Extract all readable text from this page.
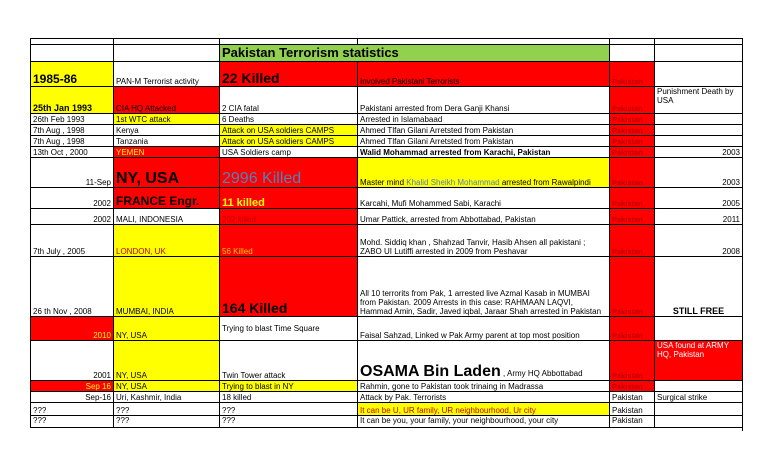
		Pakistan Terrorism statistics			
1985-86	PAN-M Terrorist activity	22 Killed	Involved Pakistani Terrorists	Pakistan	
25th Jan 1993	CIA HQ Attacked	2 CIA fatal	Pakistani arrested from Dera Ganji Khansi	Pakistan	Punishment Death by USA
26th Feb 1993	1st WTC attack	6 Deaths	Arrested in Islamabaad	Pakistan	
7th Aug , 1998	Kenya	Attack on USA soldiers CAMPS	Ahmed Tlfan Gilani Arretsted from Pakistan	Pakistan	
7th Aug , 1998	Tanzania	Attack on USA soldiers CAMPS	Ahmed Tlfan Gilani Arretsted from Pakistan	Pakistan	
13th Oct , 2000	YEMEN	USA Soldiers camp	Walid Mohammad arrested from Karachi, Pakistan	Pakistan	2003
11-Sep	NY, USA	2996 Killed	Master mind Khalid Sheikh Mohammad arrested from Rawalpindi	Pakistan	2003
2002	FRANCE Engr.	11 killed	Karcahi, Mufi Mohammed Sabi, Karachi	Pakistan	2005
2002	MALI, INDONESIA	202 killed	Umar Pattick, arrested from Abbottabad, Pakistan	Pakistan	2011
7th July , 2005	LONDON, UK	56 Killed	Mohd. Siddiq khan , Shahzad Tanvir, Hasib Ahsen all pakistani ; ZABO UI Lutiffi arrested in 2009 from Peshavar	Pakistan	2008
26 th Nov , 2008	MUMBAI, INDIA	164 Killed	All 10 terrorits from Pak, 1 arrested live Azmal Kasab in MUMBAI from Pakistan. 2009 Arrests in this case: RAHMAAN LAQVI, Hammad Amin, Sadir, Javed iqbal, Jaraar Shah arrested in Pakistan	Pakistan	STILL FREE
2010	NY, USA	Trying to blast Time Square	Faisal Sahzad, Linked w Pak Army parent at top most position	Pakistan	
2001	NY, USA	Twin Tower attack	OSAMA Bin Laden , Army HQ Abbottabad	Pakistan	USA found at ARMY HQ, Pakistan
Sep 16	NY, USA	Trying to blast in NY	Rahmin, gone to Pakistan took trinaing in Madrassa	Pakistan	
Sep-16	Uri, Kashmir, India	18 killed	Attack by Pak. Terrorists	Pakistan	Surgical strike
???	???	???	It can be U, UR family, UR neighbourhood, Ur city	Pakistan	
???	???	???	It can be you, your family, your neighbourhood, your city	Pakistan	
